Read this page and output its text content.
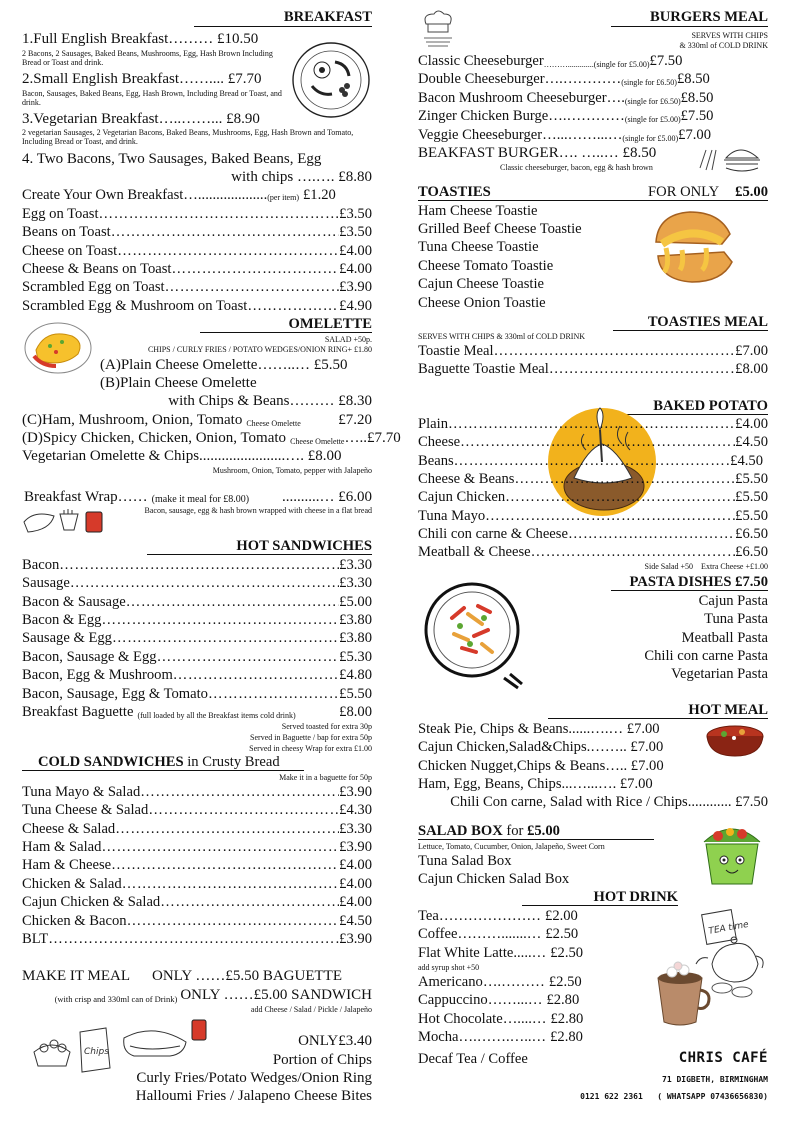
BREAKFAST
1.Full English Breakfast……… £10.50
2 Bacons, 2 Sausages, Baked Beans, Mushrooms, Egg, Hash Brown Including Bread or Toast and drink.
2.Small English Breakfast…….... £7.70
Bacon, Sausages, Baked Beans, Egg, Hash Brown, Including Bread or Toast, and drink.
3.Vegetarian Breakfast…..……... £8.90
2 vegetarian Sausages, 2 Vegetarian Bacons, Baked Beans, Mushrooms, Egg, Hash Brown and Tomato, Including Bread or Toast, and drink.
4. Two Bacons, Two Sausages, Baked Beans, Egg
with chips ….…. £8.80
Create Your Own Breakfast…................... (per item) £1.20
Egg on Toast ………………………………………………………………………………………………………………	£3.50
Beans on Toast ………………………………………………………………………………………………………………	£3.50
Cheese on Toast ………………………………………………………………………………………………………………	£4.00
Cheese & Beans on Toast ………………………………………………………………………………………………………………	£4.00
Scrambled Egg on Toast ………………………………………………………………………………………………………………	£3.90
Scrambled Egg & Mushroom on Toast ………………………………………………………………………………………………………………	£4.90
OMELETTE
SALAD +50p.
CHIPS / CURLY FRIES / POTATO WEDGES/ONION RING+ £1.80
(A)Plain Cheese Omelette……..… £5.50
(B)Plain Cheese Omelette
with Chips & Beans……… £8.30
(C)Ham, Mushroom, Onion, Tomato Cheese Omelette	£7.20
(D)Spicy Chicken, Chicken, Onion, Tomato Cheese Omelette …..£7.70
Vegetarian Omelette & Chips.......................…. £8.00
Mushroom, Onion, Tomato, pepper with Jalapeño
Breakfast Wrap…… (make it meal for £8.00) ..........… £6.00
Bacon, sausage, egg & hash brown wrapped with cheese in a flat bread
HOT SANDWICHES
Bacon ………………………………………………………………………………………………………………	£3.30
Sausage ………………………………………………………………………………………………………………	£3.30
Bacon & Sausage ………………………………………………………………………………………………………………	£5.00
Bacon & Egg ………………………………………………………………………………………………………………	£3.80
Sausage & Egg ………………………………………………………………………………………………………………	£3.80
Bacon, Sausage & Egg ………………………………………………………………………………………………………………	£5.30
Bacon, Egg & Mushroom ………………………………………………………………………………………………………………	£4.80
Bacon, Sausage, Egg & Tomato ………………………………………………………………………………………………………………	£5.50
Breakfast Baguette (full loaded by all the Breakfast items cold drink)	£8.00
Served toasted for extra 30p
Served in Baguette / bap for extra 50p
Served in cheesy Wrap for extra £1.00
COLD SANDWICHES in Crusty Bread
Make it in a baguette for 50p
Tuna Mayo & Salad ………………………………………………………………………………………………………………	£3.90
Tuna Cheese & Salad ………………………………………………………………………………………………………………	£4.30
Cheese & Salad ………………………………………………………………………………………………………………	£3.30
Ham & Salad ………………………………………………………………………………………………………………	£3.90
Ham & Cheese ………………………………………………………………………………………………………………	£4.00
Chicken & Salad ………………………………………………………………………………………………………………	£4.00
Cajun Chicken & Salad ………………………………………………………………………………………………………………	£4.00
Chicken & Bacon ………………………………………………………………………………………………………………	£4.50
BLT ………………………………………………………………………………………………………………	£3.90
MAKE IT MEAL      ONLY ……£5.50 BAGUETTE
(with crisp and 330ml can of Drink) ONLY ……£5.00 SANDWICH
add Cheese / Salad / Pickle / Jalapeño
Chips
ONLY£3.40
Portion of Chips
Curly Fries/Potato Wedges/Onion Ring
Halloumi Fries / Jalapeno Cheese Bites
BURGERS MEAL
SERVES WITH CHIPS
& 330ml of COLD DRINK
Classic Cheeseburger ………............. (single for £5.00) £7.50
Double Cheeseburger ….………… (single for £6.50) £8.50
Bacon Mushroom Cheeseburger …. (single for £6.50) £8.50
Zinger Chicken Burge ….………… (single for £5.00) £7.50
Veggie Cheeseburger …...……...… (single for £5.00) £7.00
BEAKFAST BURGER…. …..… £8.50
Classic cheeseburger, bacon, egg & hash brown
TOASTIES	FOR ONLY £5.00
Ham Cheese Toastie
Grilled Beef Cheese Toastie
Tuna Cheese Toastie
Cheese Tomato Toastie
Cajun Cheese Toastie
Cheese Onion Toastie
TOASTIES MEAL
SERVES WITH CHIPS & 330ml of COLD DRINK
Toastie Meal ………………………………………………………………………………………………………………	£7.00
Baguette Toastie Meal ………………………………………………………………………………………………………………	£8.00
BAKED POTATO
Plain ………………………………………………………………………………………………………………	£4.00
Cheese ………………………………………………………………………………………………………………	£4.50
Beans ………………………………………………………………………………………………………………	£4.50
Cheese & Beans ………………………………………………………………………………………………………………	£5.50
Cajun Chicken ………………………………………………………………………………………………………………	£5.50
Tuna Mayo ………………………………………………………………………………………………………………	£5.50
Chili con carne & Cheese ………………………………………………………………………………………………………………	£6.50
Meatball & Cheese ………………………………………………………………………………………………………………	£6.50
Side Salad +50    Extra Cheese +£1.00
PASTA DISHES £7.50
Cajun Pasta
Tuna Pasta
Meatball Pasta
Chili con carne Pasta
Vegetarian Pasta
HOT MEAL
Steak Pie, Chips & Beans......….… £7.00
Cajun Chicken,Salad&Chips.…….. £7.00
Chicken Nugget,Chips & Beans….. £7.00
Ham, Egg, Beans, Chips...…...…. £7.00
Chili Con carne, Salad with Rice / Chips............ £7.50
SALAD BOX for £5.00
Lettuce, Tomato, Cucumber, Onion, Jalapeño, Sweet Corn
Tuna Salad Box
Cajun Chicken Salad Box
HOT DRINK
Tea………………… £2.00
Coffee……….......… £2.50
Flat White Latte.....… £2.50
add syrup shot +50
Americano….……… £2.50
Cappuccino……...… £2.80
Hot Chocolate…....… £2.80
Mocha….…….…..… £2.80
Decaf Tea / Coffee
TEA time
CHRIS CAFÉ
71 DIGBETH, BIRMINGHAM
0121 622 2361   ( WHATSAPP 07436656830)
